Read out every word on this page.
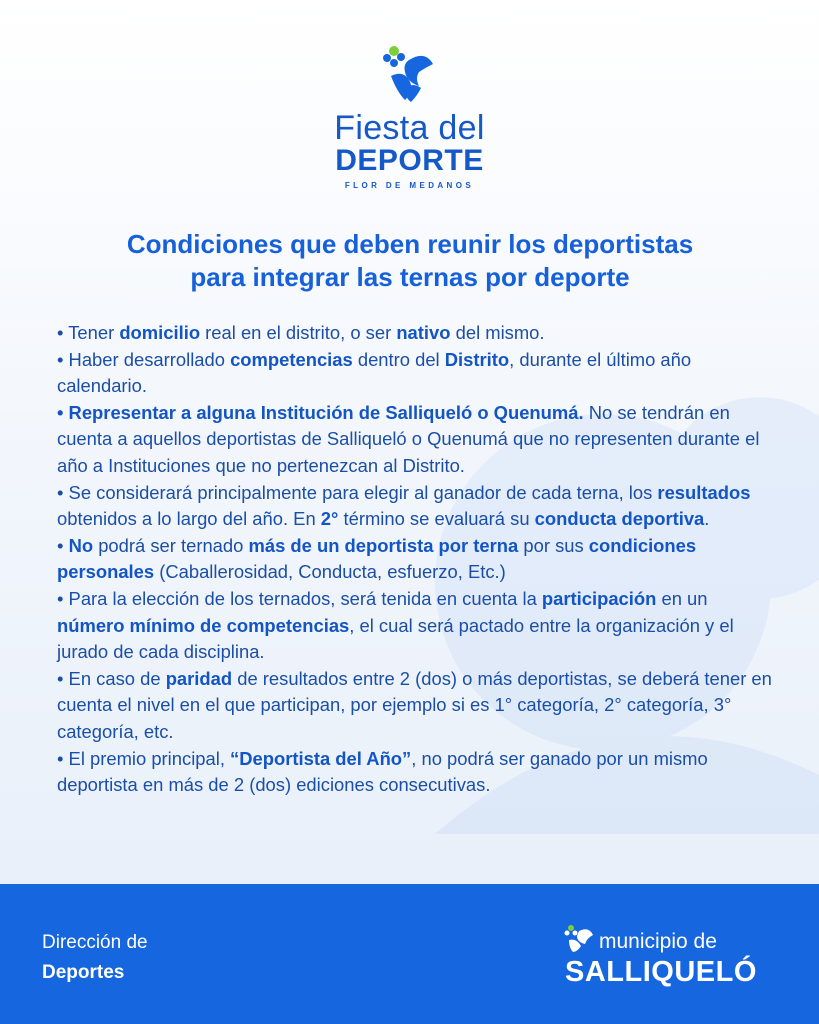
Fiesta del
DEPORTE
FLOR DE MEDANOS
Condiciones que deben reunir los deportistas
para integrar las ternas por deporte

• Tener domicilio real en el distrito, o ser nativo del mismo.

• Haber desarrollado competencias dentro del Distrito, durante el último año calendario.

• Representar a alguna Institución de Salliqueló o Quenumá. No se tendrán en cuenta a aquellos deportistas de Salliqueló o Quenumá que no representen durante el año a Instituciones que no pertenezcan al Distrito.

• Se considerará principalmente para elegir al ganador de cada terna, los resultados obtenidos a lo largo del año. En 2° término se evaluará su conducta deportiva.

• No podrá ser ternado más de un deportista por terna por sus condiciones personales (Caballerosidad, Conducta, esfuerzo, Etc.)

• Para la elección de los ternados, será tenida en cuenta la participación en un número mínimo de competencias, el cual será pactado entre la organización y el jurado de cada disciplina.

• En caso de paridad de resultados entre 2 (dos) o más deportistas, se deberá tener en cuenta el nivel en el que participan, por ejemplo si es 1° categoría, 2° categoría, 3° categoría, etc.

• El premio principal, “Deportista del Año”, no podrá ser ganado por un mismo deportista en más de 2 (dos) ediciones consecutivas.

Dirección de
Deportes
municipio de
SALLIQUELÓ
